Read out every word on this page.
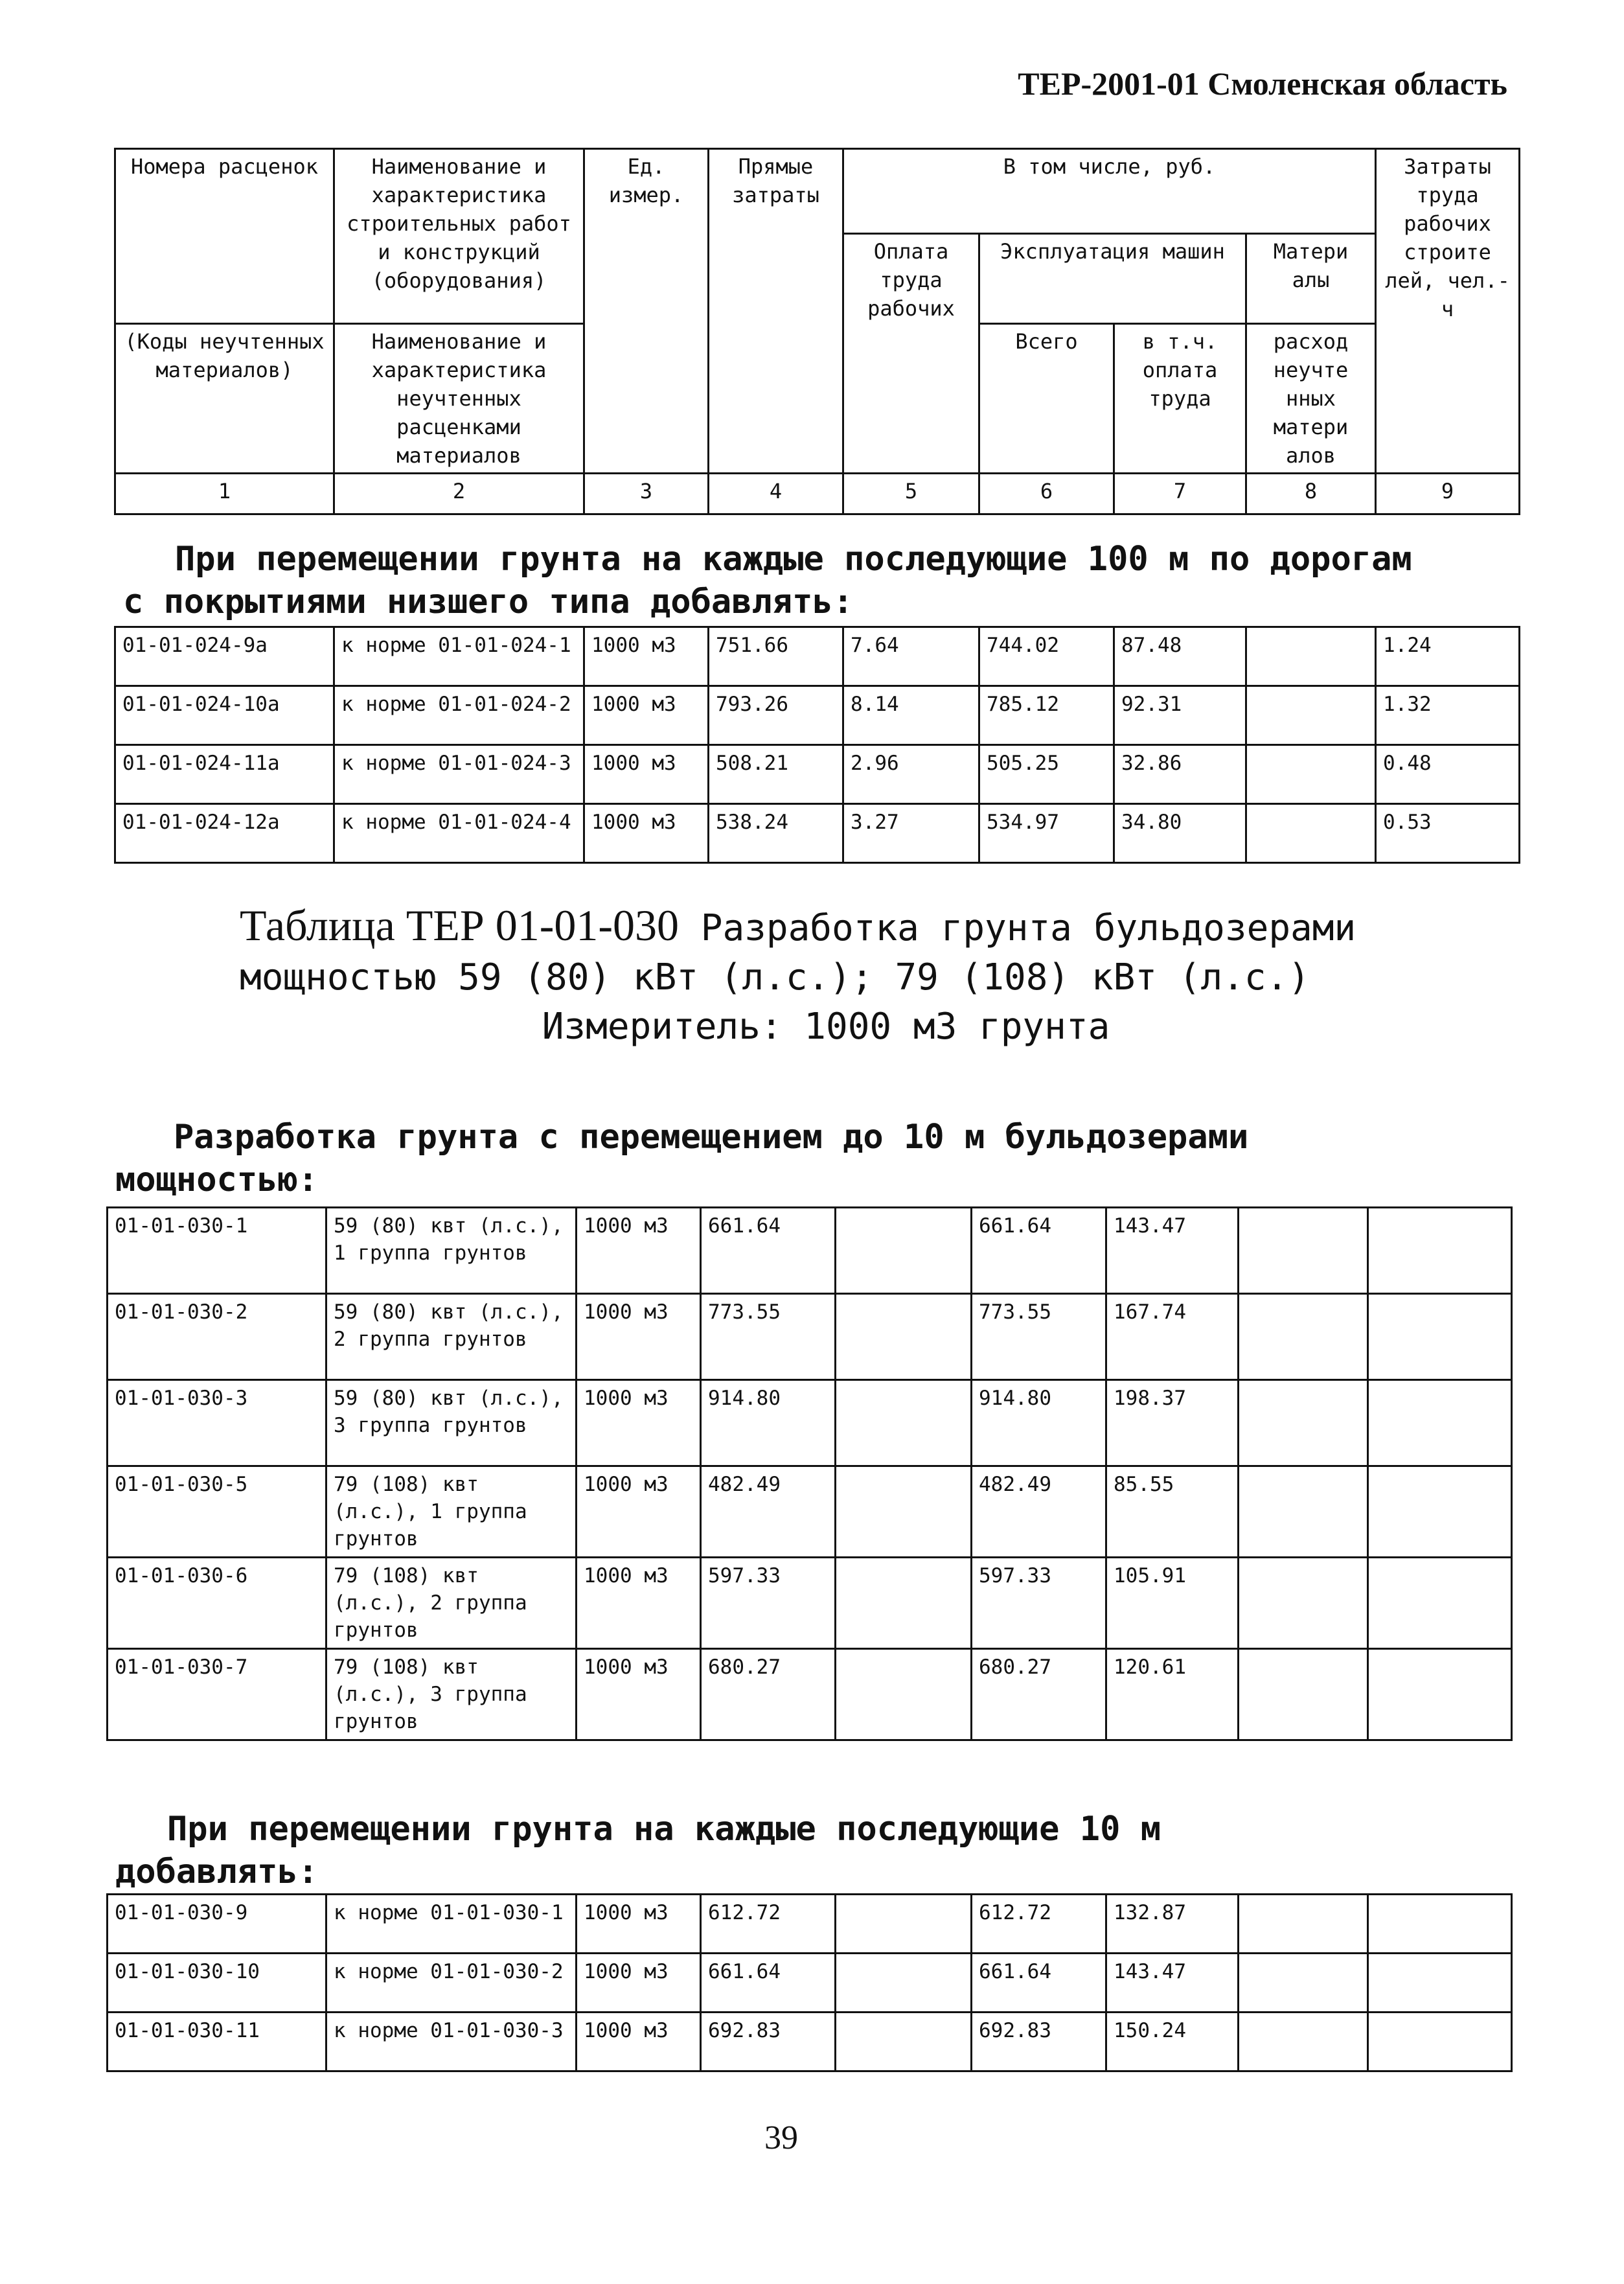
ТЕР-2001-01 Смоленская область
Номера расценок	Наименование и характеристика строительных работ и конструкций (оборудования)	Ед. измер.	Прямые затраты	В том числе, руб.				Затраты труда рабочих строите лей, чел.-ч
				Оплата труда рабочих	Эксплуатация машин		Матери алы	
(Коды неучтенных материалов)	Наименование и характеристика неучтенных расценками материалов				Всего	в т.ч. оплата труда	расход неучте нных матери алов	
1	2	3	4	5	6	7	8	9
При перемещении грунта на каждые последующие 100 м по дорогам с покрытиями низшего типа добавлять:
01-01-024-9a	к норме 01-01-024-1	1000 м3	751.66	7.64	744.02	87.48		1.24
01-01-024-10a	к норме 01-01-024-2	1000 м3	793.26	8.14	785.12	92.31		1.32
01-01-024-11a	к норме 01-01-024-3	1000 м3	508.21	2.96	505.25	32.86		0.48
01-01-024-12a	к норме 01-01-024-4	1000 м3	538.24	3.27	534.97	34.80		0.53
Таблица ТЕР 01-01-030 Разработка грунта бульдозерами мощностью 59 (80) кВт (л.с.); 79 (108) кВт (л.с.)
Измеритель: 1000 м3 грунта
Разработка грунта с перемещением до 10 м бульдозерами мощностью:
01-01-030-1	59 (80) квт (л.с.), 1 группа грунтов	1000 м3	661.64		661.64	143.47		
01-01-030-2	59 (80) квт (л.с.), 2 группа грунтов	1000 м3	773.55		773.55	167.74		
01-01-030-3	59 (80) квт (л.с.), 3 группа грунтов	1000 м3	914.80		914.80	198.37		
01-01-030-5	79 (108) квт (л.с.), 1 группа грунтов	1000 м3	482.49		482.49	85.55		
01-01-030-6	79 (108) квт (л.с.), 2 группа грунтов	1000 м3	597.33		597.33	105.91		
01-01-030-7	79 (108) квт (л.с.), 3 группа грунтов	1000 м3	680.27		680.27	120.61		
При перемещении грунта на каждые последующие 10 м добавлять:
01-01-030-9	к норме 01-01-030-1	1000 м3	612.72		612.72	132.87		
01-01-030-10	к норме 01-01-030-2	1000 м3	661.64		661.64	143.47		
01-01-030-11	к норме 01-01-030-3	1000 м3	692.83		692.83	150.24		
39
